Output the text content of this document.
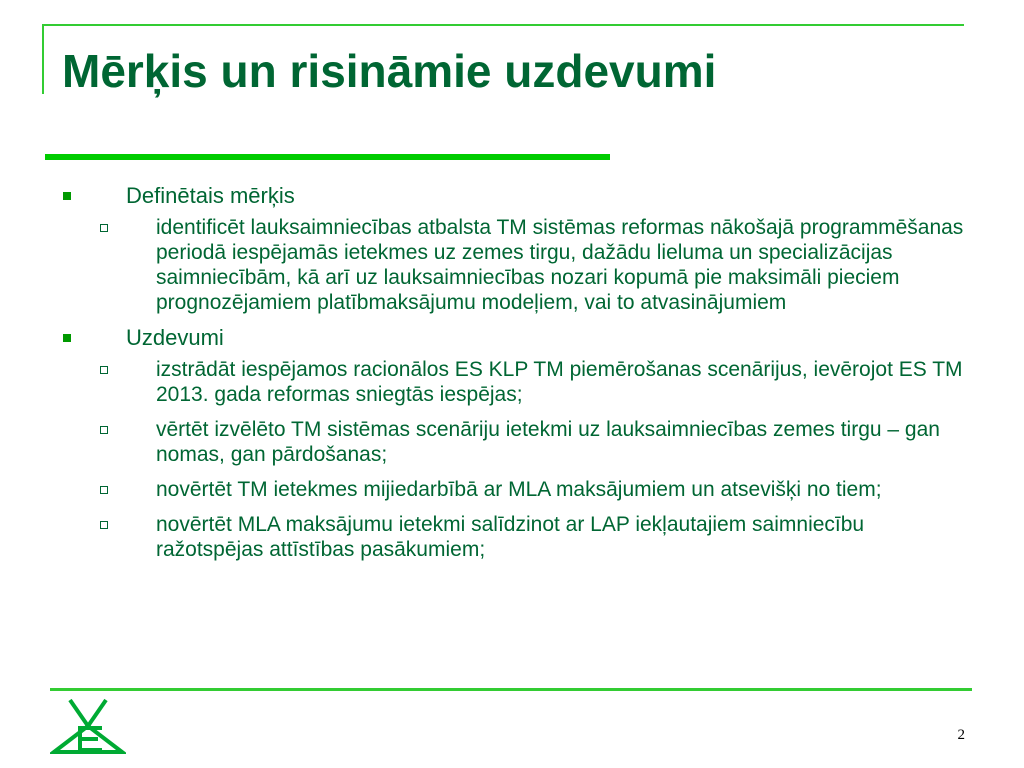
Mērķis un risināmie uzdevumi
Definētais mērķis
identificēt lauksaimniecības atbalsta TM sistēmas reformas nākošajā programmēšanas periodā iespējamās ietekmes uz zemes tirgu, dažādu lieluma un specializācijas saimniecībām, kā arī uz lauksaimniecības nozari kopumā pie maksimāli pieciem prognozējamiem platībmaksājumu modeļiem, vai to atvasinājumiem
Uzdevumi
izstrādāt iespējamos racionālos ES KLP TM piemērošanas scenārijus, ievērojot ES TM 2013. gada reformas sniegtās iespējas;
vērtēt izvēlēto TM sistēmas scenāriju ietekmi uz lauksaimniecības zemes tirgu – gan nomas, gan pārdošanas;
novērtēt TM ietekmes mijiedarbībā ar MLA maksājumiem un atsevišķi no tiem;
novērtēt MLA maksājumu ietekmi salīdzinot ar LAP iekļautajiem saimniecību ražotspējas attīstības pasākumiem;
2
